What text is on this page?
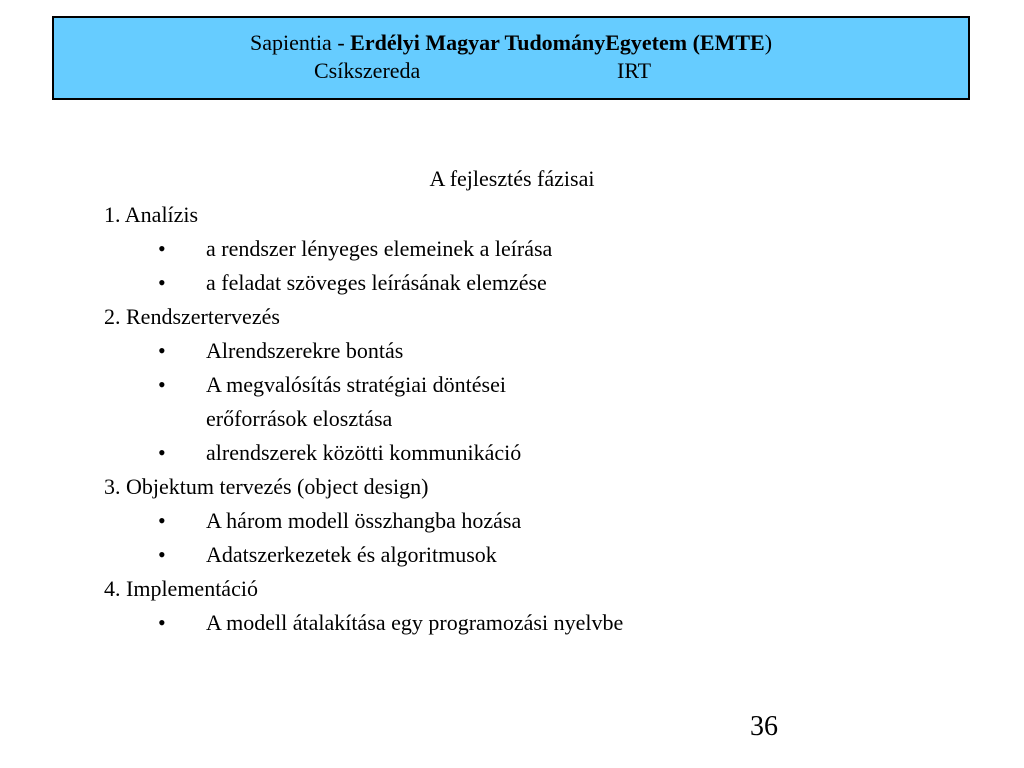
Sapientia - Erdélyi Magyar TudományEgyetem (EMTE)
Csíkszereda	IRT
A fejlesztés fázisai
1. Analízis
• a rendszer lényeges elemeinek a leírása
• a feladat szöveges leírásának elemzése
2. Rendszertervezés
• Alrendszerekre bontás
• A megvalósítás stratégiai döntései
erőforrások elosztása
• alrendszerek közötti kommunikáció
3. Objektum tervezés (object design)
• A három modell összhangba hozása
• Adatszerkezetek és algoritmusok
4. Implementáció
• A modell átalakítása egy programozási nyelvbe
36
